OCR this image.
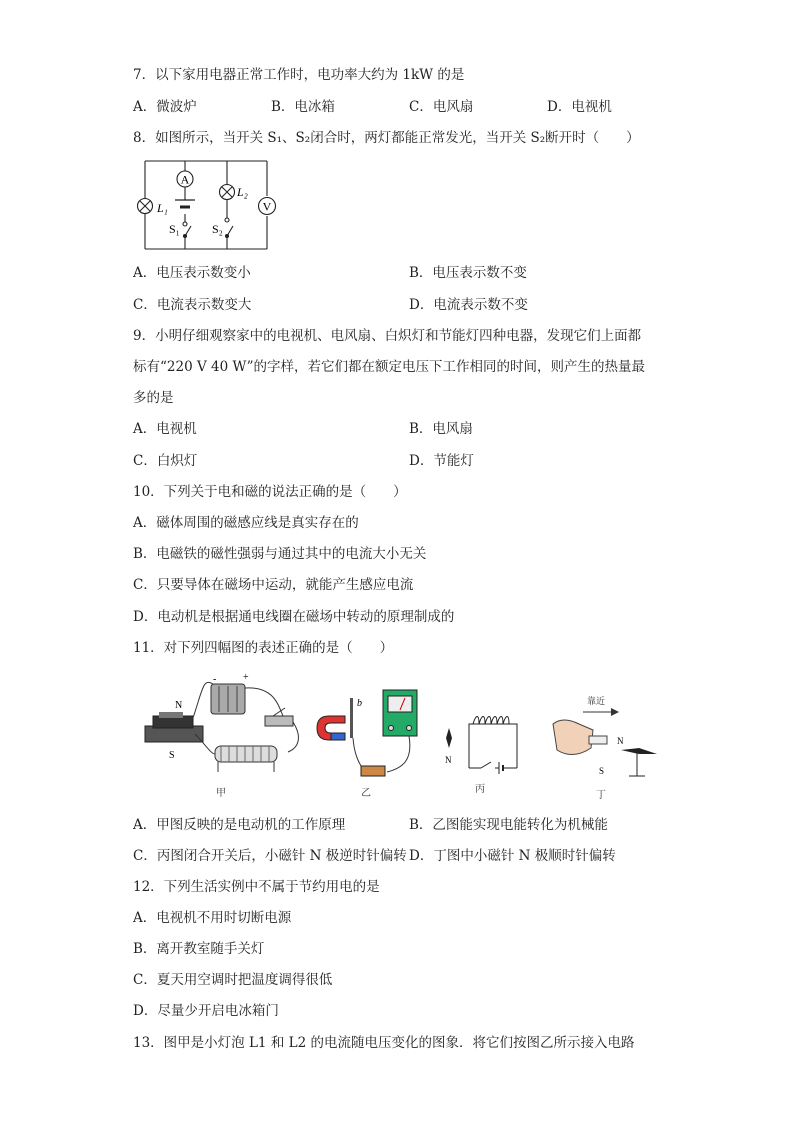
7．以下家用电器正常工作时，电功率大约为 1kW 的是
A．微波炉	B．电冰箱	C．电风扇	D．电视机
8．如图所示，当开关 S₁、S₂闭合时，两灯都能正常发光，当开关 S₂断开时（　　）
A
V
L₁
L₂
S₁	S₂
A．电压表示数变小	B．电压表示数不变
C．电流表示数变大	D．电流表示数不变
9．小明仔细观察家中的电视机、电风扇、白炽灯和节能灯四种电器，发现它们上面都
标有“220 V 40 W”的字样，若它们都在额定电压下工作相同的时间，则产生的热量最
多的是
A．电视机	B．电风扇
C．白炽灯	D．节能灯
10．下列关于电和磁的说法正确的是（　　）
A．磁体周围的磁感应线是真实存在的
B．电磁铁的磁性强弱与通过其中的电流大小无关
C．只要导体在磁场中运动，就能产生感应电流
D．电动机是根据通电线圈在磁场中转动的原理制成的
11．对下列四幅图的表述正确的是（　　）
N
S
-	+
甲
b
乙
N
丙
S
靠近
N
丁
A．甲图反映的是电动机的工作原理	B．乙图能实现电能转化为机械能
C．丙图闭合开关后，小磁针 N 极逆时针偏转 D．丁图中小磁针 N 极顺时针偏转
12．下列生活实例中不属于节约用电的是
A．电视机不用时切断电源
B．离开教室随手关灯
C．夏天用空调时把温度调得很低
D．尽量少开启电冰箱门
13．图甲是小灯泡 L1 和 L2 的电流随电压变化的图象．将它们按图乙所示接入电路
